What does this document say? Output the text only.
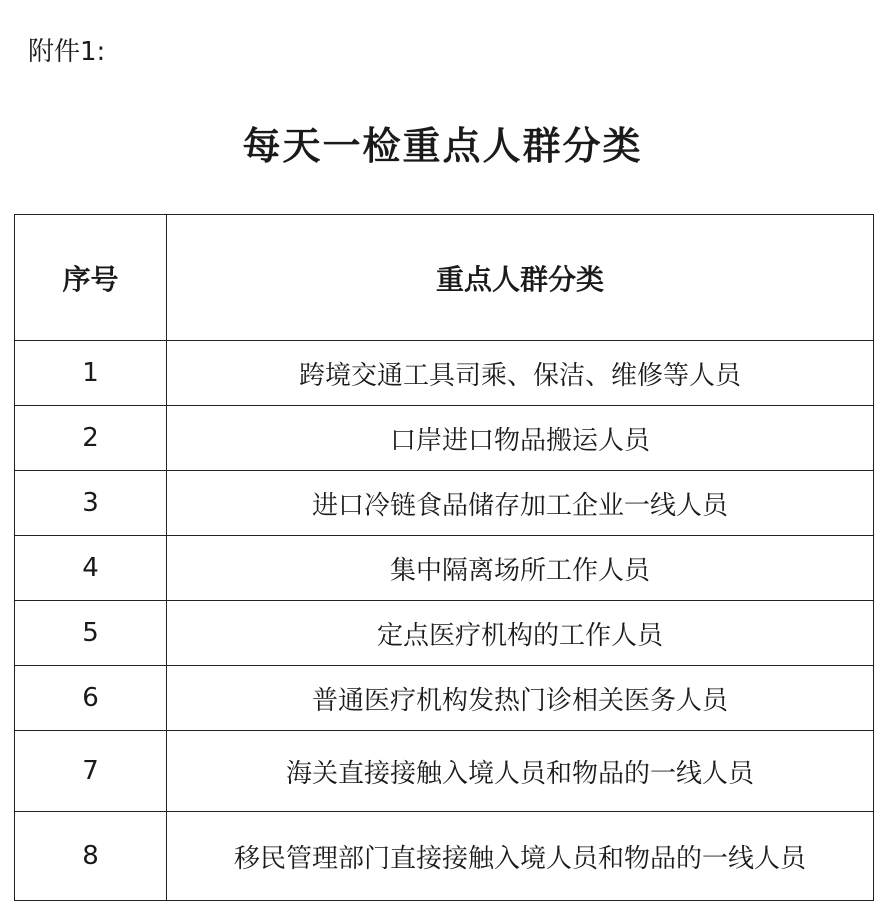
附件1:
每天一检重点人群分类
序号	重点人群分类
1	跨境交通工具司乘、保洁、维修等人员
2	口岸进口物品搬运人员
3	进口冷链食品储存加工企业一线人员
4	集中隔离场所工作人员
5	定点医疗机构的工作人员
6	普通医疗机构发热门诊相关医务人员
7	海关直接接触入境人员和物品的一线人员
8	移民管理部门直接接触入境人员和物品的一线人员
